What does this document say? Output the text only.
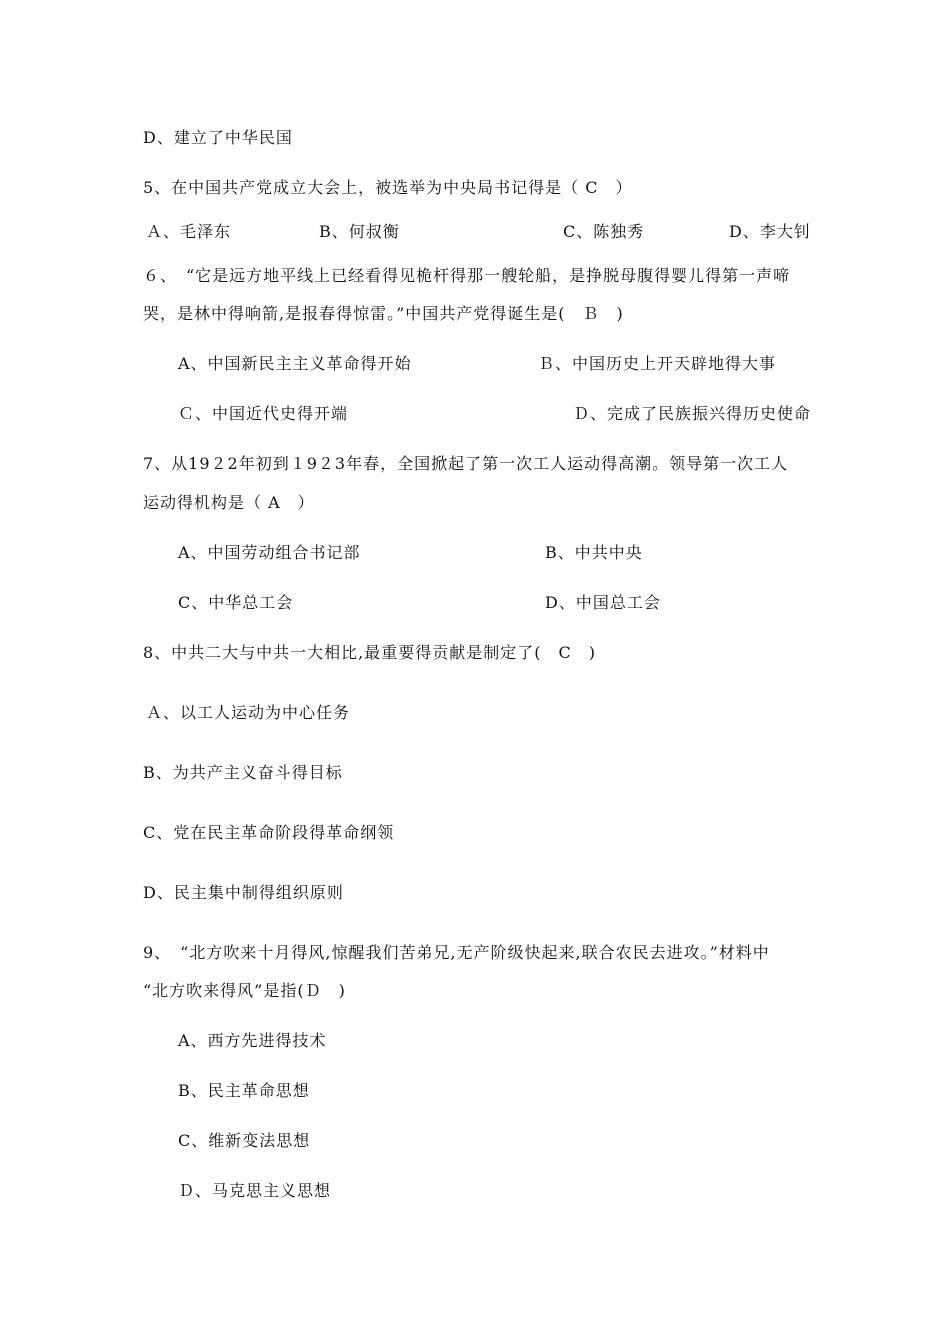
D、建立了中华民国
5、在中国共产党成立大会上，被选举为中央局书记得是（ C　）
Ａ、毛泽东	B、何叔衡	C、陈独秀	D、李大钊
６、　“它是远方地平线上已经看得见桅杆得那一艘轮船，是挣脱母腹得婴儿得第一声啼
哭，是林中得响箭,是报春得惊雷。”中国共产党得诞生是(　Ｂ　)
A、中国新民主主义革命得开始	Ｂ、中国历史上开天辟地得大事
Ｃ、中国近代史得开端	Ｄ、完成了民族振兴得历史使命
7、从19２2年初到１9２3年春，全国掀起了第一次工人运动得高潮。领导第一次工人
运动得机构是（ A　）
A、中国劳动组合书记部	B、中共中央
C、中华总工会	D、中国总工会
8、中共二大与中共一大相比,最重要得贡献是制定了(　C　)
Ａ、以工人运动为中心任务
B、为共产主义奋斗得目标
C、党在民主革命阶段得革命纲领
D、民主集中制得组织原则
9、　“北方吹来十月得风,惊醒我们苦弟兄,无产阶级快起来,联合农民去进攻。”材料中
“北方吹来得风”是指(Ｄ　)
A、西方先进得技术
B、民主革命思想
C、维新变法思想
Ｄ、马克思主义思想
